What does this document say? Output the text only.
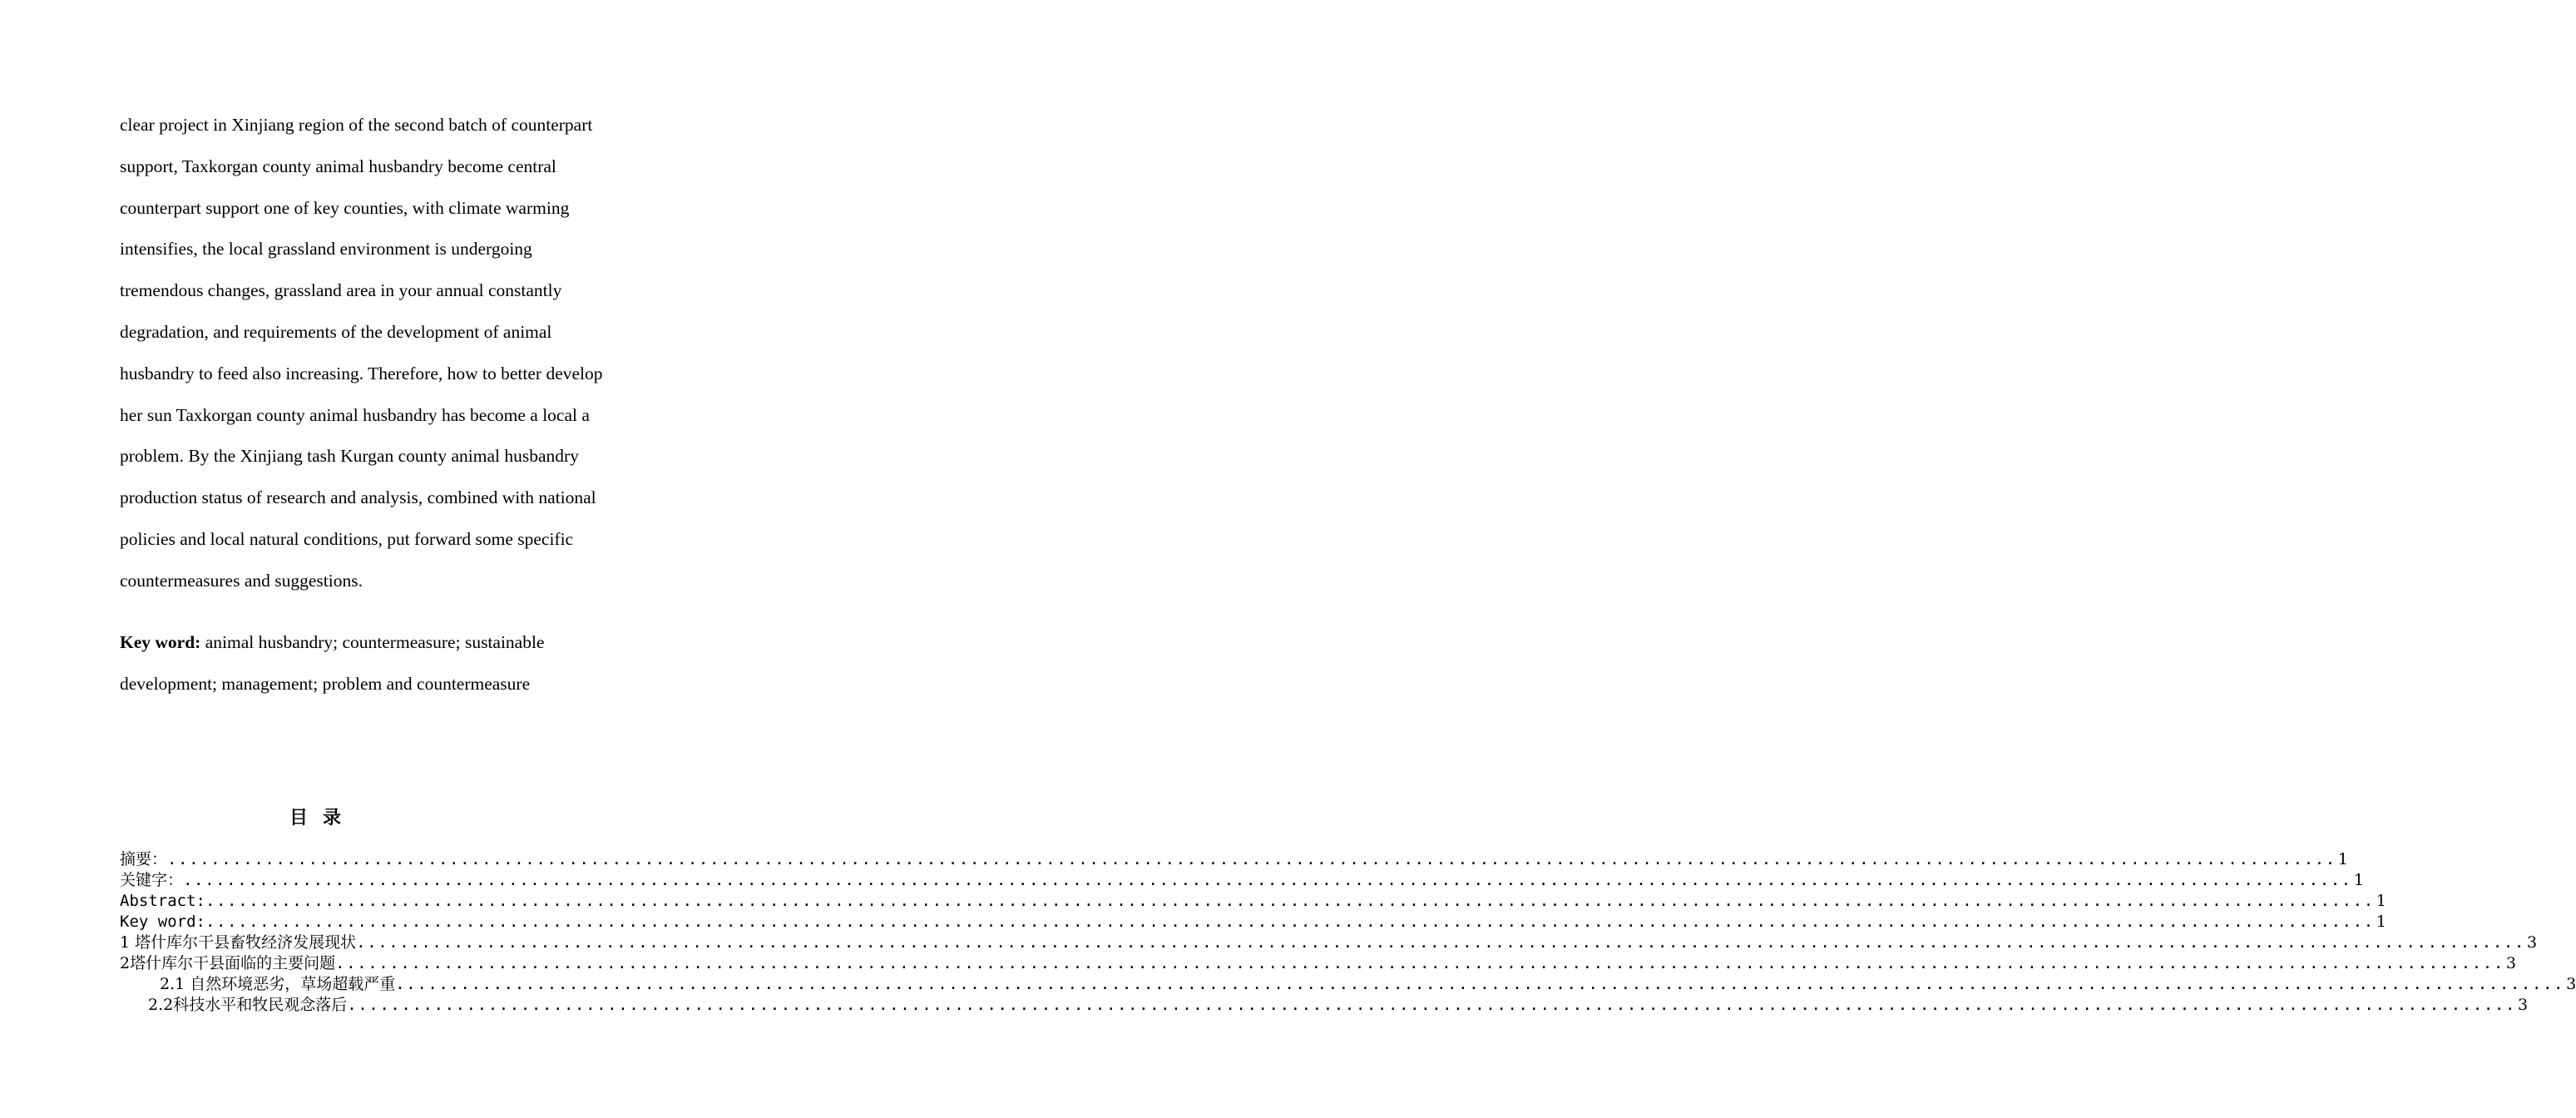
clear project in Xinjiang region of the second batch of counterpart
support, Taxkorgan county animal husbandry become central
counterpart support one of key counties, with climate warming
intensifies, the local grassland environment is undergoing
tremendous changes, grassland area in your annual constantly
degradation, and requirements of the development of animal
husbandry to feed also increasing. Therefore, how to better develop
her sun Taxkorgan county animal husbandry has become a local a
problem. By the Xinjiang tash Kurgan county animal husbandry
production status of research and analysis, combined with national
policies and local natural conditions, put forward some specific
countermeasures and suggestions.
Key word: animal husbandry; countermeasure; sustainable
development; management; problem and countermeasure
目录
摘要： ........................................................................................................................................................................................................ 1
关键字： ........................................................................................................................................................................................................ 1
Abstract: ........................................................................................................................................................................................................ 1
Key word: ........................................................................................................................................................................................................ 1
1 塔什库尔干县畜牧经济发展现状 ........................................................................................................................................................................................................ 3
2塔什库尔干县面临的主要问题 ........................................................................................................................................................................................................ 3
2.1 自然环境恶劣，草场超载严重 ........................................................................................................................................................................................................ 3
2.2科技水平和牧民观念落后 ........................................................................................................................................................................................................ 3
